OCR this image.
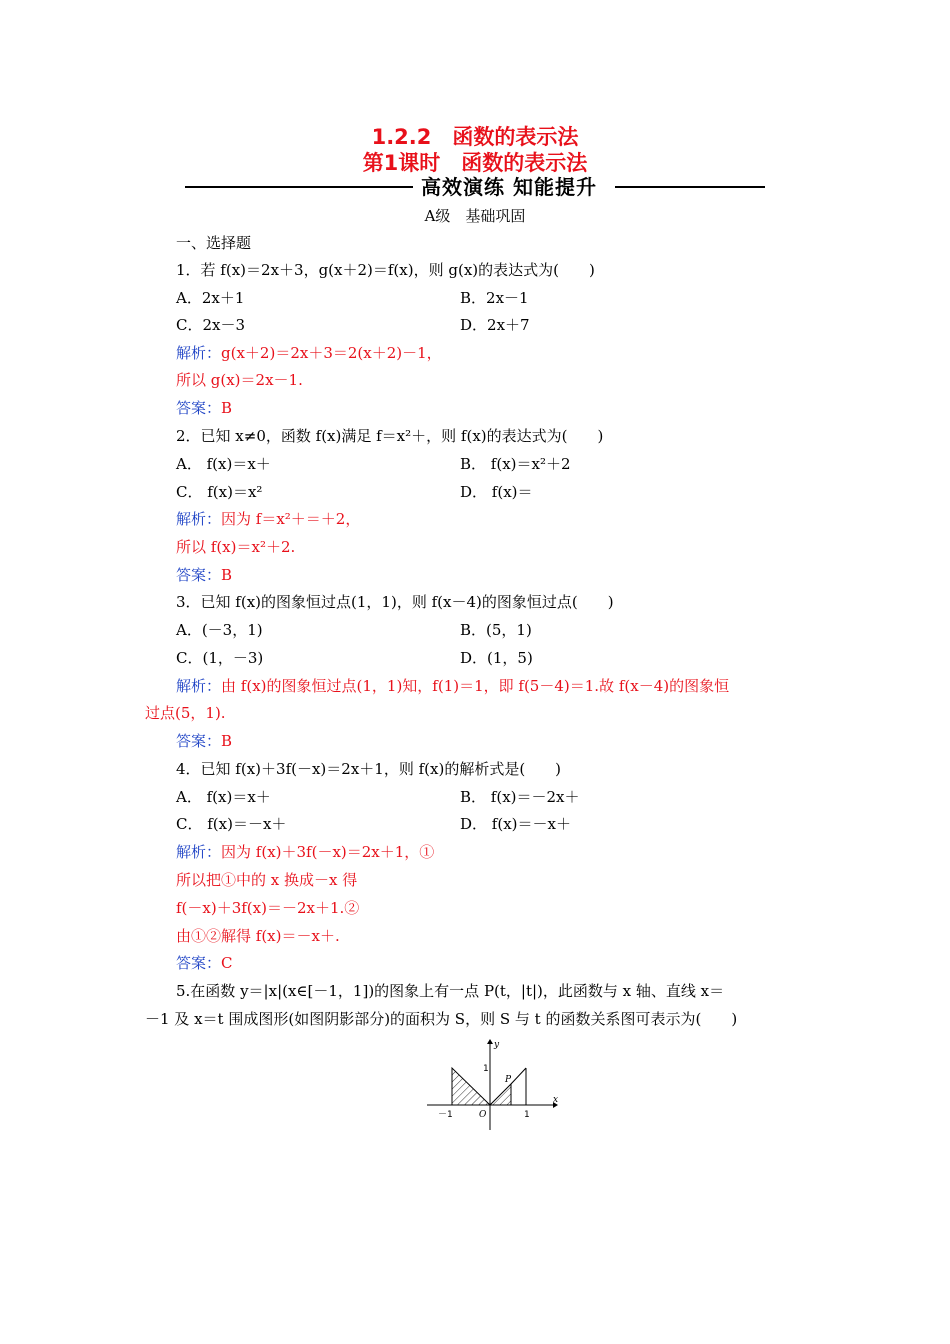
1.2.2　函数的表示法
第1课时　函数的表示法
高效演练 知能提升
A级　基础巩固
一、选择题
1．若 f(x)＝2x＋3，g(x＋2)＝f(x)，则 g(x)的表达式为(　　)
A．2x＋1	B．2x－1
C．2x－3	D．2x＋7
解析：g(x＋2)＝2x＋3＝2(x＋2)－1，
所以 g(x)＝2x－1.
答案：B
2．已知 x≠0，函数 f(x)满足 f＝x²＋，则 f(x)的表达式为(　　)
A． f(x)＝x＋	B． f(x)＝x²＋2
C． f(x)＝x²	D． f(x)＝
解析：因为 f＝x²＋＝＋2，
所以 f(x)＝x²＋2.
答案：B
3．已知 f(x)的图象恒过点(1，1)，则 f(x－4)的图象恒过点(　　)
A．(－3，1)	B．(5，1)
C．(1，－3)	D．(1，5)
解析：由 f(x)的图象恒过点(1，1)知，f(1)＝1，即 f(5－4)＝1.故 f(x－4)的图象恒
过点(5，1).
答案：B
4．已知 f(x)＋3f(－x)＝2x＋1，则 f(x)的解析式是(　　)
A． f(x)＝x＋	B． f(x)＝－2x＋
C． f(x)＝－x＋	D． f(x)＝－x＋
解析：因为 f(x)＋3f(－x)＝2x＋1，①
所以把①中的 x 换成－x 得
f(－x)＋3f(x)＝－2x＋1.②
由①②解得 f(x)＝－x＋.
答案：C
5.在函数 y＝|x|(x∈[－1，1])的图象上有一点 P(t，|t|)，此函数与 x 轴、直线 x＝
－1 及 x＝t 围成图形(如图阴影部分)的面积为 S，则 S 与 t 的函数关系图可表示为(　　)
y
x
1
P
－1	O	1
